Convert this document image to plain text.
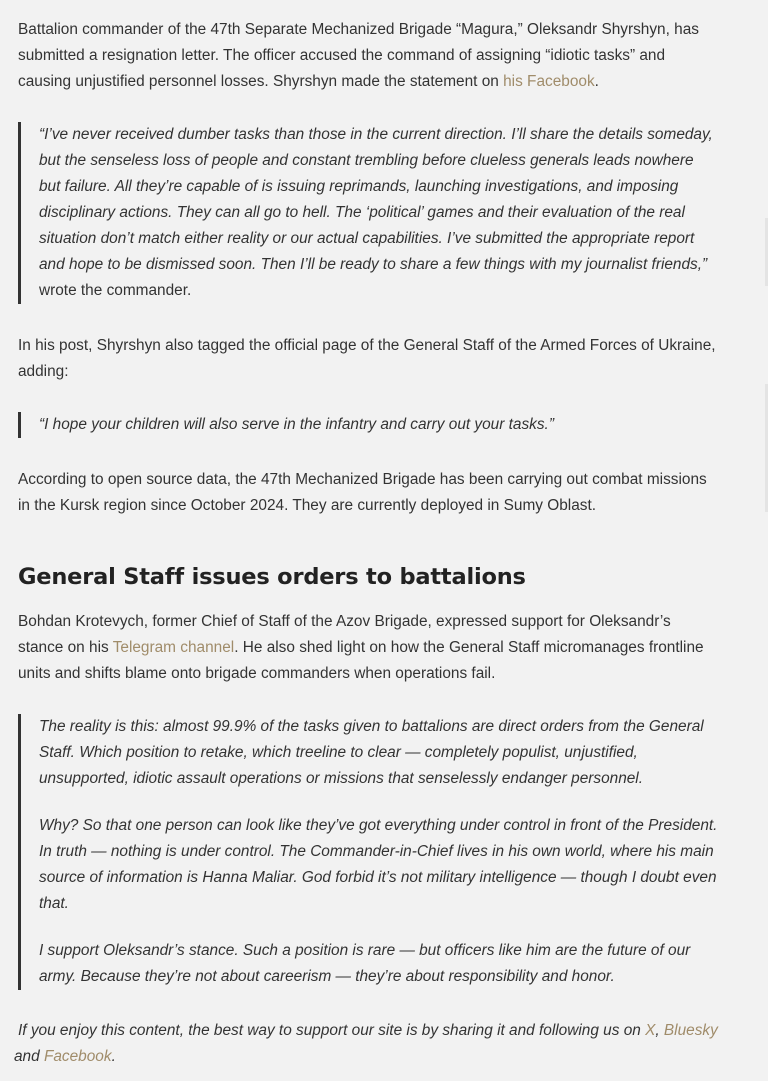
Battalion commander of the 47th Separate Mechanized Brigade “Magura,” Oleksandr Shyrshyn, has submitted a resignation letter. The officer accused the command of assigning “idiotic tasks” and causing unjustified personnel losses. Shyrshyn made the statement on his Facebook.

“I’ve never received dumber tasks than those in the current direction. I’ll share the details someday, but the senseless loss of people and constant trembling before clueless generals leads nowhere but failure. All they’re capable of is issuing reprimands, launching investigations, and imposing disciplinary actions. They can all go to hell. The ‘political’ games and their evaluation of the real situation don’t match either reality or our actual capabilities. I’ve submitted the appropriate report and hope to be dismissed soon. Then I’ll be ready to share a few things with my journalist friends,” wrote the commander.

In his post, Shyrshyn also tagged the official page of the General Staff of the Armed Forces of Ukraine, adding:

“I hope your children will also serve in the infantry and carry out your tasks.”

According to open source data, the 47th Mechanized Brigade has been carrying out combat missions in the Kursk region since October 2024. They are currently deployed in Sumy Oblast.

General Staff issues orders to battalions

Bohdan Krotevych, former Chief of Staff of the Azov Brigade, expressed support for Oleksandr’s stance on his Telegram channel. He also shed light on how the General Staff micromanages frontline units and shifts blame onto brigade commanders when operations fail.

The reality is this: almost 99.9% of the tasks given to battalions are direct orders from the General Staff. Which position to retake, which treeline to clear — completely populist, unjustified, unsupported, idiotic assault operations or missions that senselessly endanger personnel.

Why? So that one person can look like they’ve got everything under control in front of the President. In truth — nothing is under control. The Commander-in-Chief lives in his own world, where his main source of information is Hanna Maliar. God forbid it’s not military intelligence — though I doubt even that.

I support Oleksandr’s stance. Such a position is rare — but officers like him are the future of our army. Because they’re not about careerism — they’re about responsibility and honor.

If you enjoy this content, the best way to support our site is by sharing it and following us on X, Bluesky
and Facebook.
